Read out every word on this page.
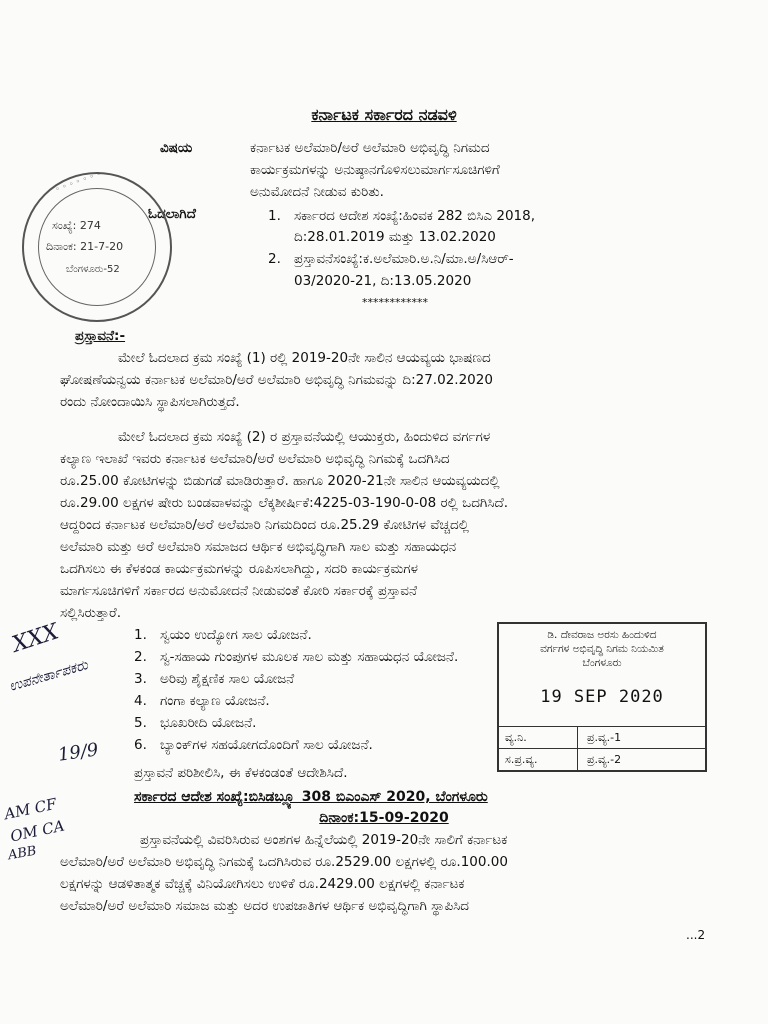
ಕರ್ನಾಟಕ ಸರ್ಕಾರದ ನಡವಳಿ
ವಿಷಯ	ಕರ್ನಾಟಕ ಅಲೆಮಾರಿ/ಅರೆ ಅಲೆಮಾರಿ ಅಭಿವೃದ್ಧಿ ನಿಗಮದ
ಕಾರ್ಯಕ್ರಮಗಳನ್ನು ಅನುಷ್ಠಾನಗೊಳಿಸಲುಮಾರ್ಗಸೂಚಿಗಳಿಗೆ
ಅನುಮೋದನೆ ನೀಡುವ ಕುರಿತು.
ಓದಲಾಗಿದೆ	1. ಸರ್ಕಾರದ ಆದೇಶ ಸಂಖ್ಯೆ:ಹಿಂವಕ 282 ಬಿಸಿಎ 2018,
ದಿ:28.01.2019 ಮತ್ತು 13.02.2020
2. ಪ್ರಸ್ತಾವನೆಸಂಖ್ಯೆ:ಕ.ಅಲೆಮಾರಿ.ಅ.ನಿ/ಮಾ.ಅ/ಸಿಆರ್-
03/2020-21, ದಿ:13.05.2020
************
◦ ◦ ◦ ◦ ◦ ◦ ◦
ಸಂಖ್ಯೆ: 274
ದಿನಾಂಕ: 21-7-20
ಬೆಂಗಳೂರು-52
ಪ್ರಸ್ತಾವನೆ:-
ಮೇಲೆ ಓದಲಾದ ಕ್ರಮ ಸಂಖ್ಯೆ (1) ರಲ್ಲಿ 2019-20ನೇ ಸಾಲಿನ ಆಯವ್ಯಯ ಭಾಷಣದ
ಘೋಷಣೆಯನ್ವಯ ಕರ್ನಾಟಕ ಅಲೆಮಾರಿ/ಅರೆ ಅಲೆಮಾರಿ ಅಭಿವೃದ್ಧಿ ನಿಗಮವನ್ನು ದಿ:27.02.2020
ರಂದು ನೋಂದಾಯಿಸಿ ಸ್ಥಾಪಿಸಲಾಗಿರುತ್ತದೆ.
ಮೇಲೆ ಓದಲಾದ ಕ್ರಮ ಸಂಖ್ಯೆ (2) ರ ಪ್ರಸ್ತಾವನೆಯಲ್ಲಿ ಆಯುಕ್ತರು, ಹಿಂದುಳಿದ ವರ್ಗಗಳ
ಕಲ್ಯಾಣ ಇಲಾಖೆ ಇವರು ಕರ್ನಾಟಕ ಅಲೆಮಾರಿ/ಅರೆ ಅಲೆಮಾರಿ ಅಭಿವೃದ್ಧಿ ನಿಗಮಕ್ಕೆ ಒದಗಿಸಿದ
ರೂ.25.00 ಕೋಟಿಗಳನ್ನು ಬಿಡುಗಡೆ ಮಾಡಿರುತ್ತಾರೆ. ಹಾಗೂ 2020-21ನೇ ಸಾಲಿನ ಆಯವ್ಯಯದಲ್ಲಿ
ರೂ.29.00 ಲಕ್ಷಗಳ ಷೇರು ಬಂಡವಾಳವನ್ನು ಲೆಕ್ಕಶೀರ್ಷಿಕೆ:4225-03-190-0-08 ರಲ್ಲಿ ಒದಗಿಸಿದೆ.
ಆದ್ದರಿಂದ ಕರ್ನಾಟಕ ಅಲೆಮಾರಿ/ಅರೆ ಅಲೆಮಾರಿ ನಿಗಮದಿಂದ ರೂ.25.29 ಕೋಟಿಗಳ ವೆಚ್ಚದಲ್ಲಿ
ಅಲೆಮಾರಿ ಮತ್ತು ಅರೆ ಅಲೆಮಾರಿ ಸಮಾಜದ ಆರ್ಥಿಕ ಅಭಿವೃದ್ಧಿಗಾಗಿ ಸಾಲ ಮತ್ತು ಸಹಾಯಧನ
ಒದಗಿಸಲು ಈ ಕೆಳಕಂಡ ಕಾರ್ಯಕ್ರಮಗಳನ್ನು ರೂಪಿಸಲಾಗಿದ್ದು, ಸದರಿ ಕಾರ್ಯಕ್ರಮಗಳ
ಮಾರ್ಗಸೂಚಿಗಳಿಗೆ ಸರ್ಕಾರದ ಅನುಮೋದನೆ ನೀಡುವಂತೆ ಕೋರಿ ಸರ್ಕಾರಕ್ಕೆ ಪ್ರಸ್ತಾವನೆ
ಸಲ್ಲಿಸಿರುತ್ತಾರೆ.
1. ಸ್ವಯಂ ಉದ್ಯೋಗ ಸಾಲ ಯೋಜನೆ.
2. ಸ್ವ-ಸಹಾಯ ಗುಂಪುಗಳ ಮೂಲಕ ಸಾಲ ಮತ್ತು ಸಹಾಯಧನ ಯೋಜನೆ.
3. ಅರಿವು ಶೈಕ್ಷಣಿಕ ಸಾಲ ಯೋಜನೆ
4. ಗಂಗಾ ಕಲ್ಯಾಣ ಯೋಜನೆ.
5. ಭೂಖರೀದಿ ಯೋಜನೆ.
6. ಬ್ಯಾಂಕ್‌ಗಳ ಸಹಯೋಗದೊಂದಿಗೆ ಸಾಲ ಯೋಜನೆ.
ಪ್ರಸ್ತಾವನೆ ಪರಿಶೀಲಿಸಿ, ಈ ಕೆಳಕಂಡಂತೆ ಆದೇಶಿಸಿದೆ.
ಡಿ. ದೇವರಾಜ ಅರಸು ಹಿಂದುಳಿದ
ವರ್ಗಗಳ ಅಭಿವೃದ್ಧಿ ನಿಗಮ ನಿಯಮಿತ
ಬೆಂಗಳೂರು
19 SEP 2020
ವ್ಯ.ನಿ.	ಪ್ರ.ವ್ಯ.-1
ಸ.ಪ್ರ.ವ್ಯ.	ಪ್ರ.ವ್ಯ.-2
XXX
ಉಪನೇರ್ತಾಪಕರು
19/9
AM CF
OM CA
ABB
ಸರ್ಕಾರದ ಆದೇಶ ಸಂಖ್ಯೆ:ಬಿಸಿಡಬ್ಲ್ಯೂ 308 ಬಿಎಂಎಸ್ 2020, ಬೆಂಗಳೂರು
ದಿನಾಂಕ:15-09-2020
ಪ್ರಸ್ತಾವನೆಯಲ್ಲಿ ವಿವರಿಸಿರುವ ಅಂಶಗಳ ಹಿನ್ನೆಲೆಯಲ್ಲಿ 2019-20ನೇ ಸಾಲಿಗೆ ಕರ್ನಾಟಕ
ಅಲೆಮಾರಿ/ಅರೆ ಅಲೆಮಾರಿ ಅಭಿವೃದ್ಧಿ ನಿಗಮಕ್ಕೆ ಒದಗಿಸಿರುವ ರೂ.2529.00 ಲಕ್ಷಗಳಲ್ಲಿ ರೂ.100.00
ಲಕ್ಷಗಳನ್ನು ಆಡಳಿತಾತ್ಮಕ ವೆಚ್ಚಕ್ಕೆ ವಿನಿಯೋಗಿಸಲು ಉಳಿಕೆ ರೂ.2429.00 ಲಕ್ಷಗಳಲ್ಲಿ ಕರ್ನಾಟಕ
ಅಲೆಮಾರಿ/ಅರೆ ಅಲೆಮಾರಿ ಸಮಾಜ ಮತ್ತು ಅದರ ಉಪಜಾತಿಗಳ ಆರ್ಥಿಕ ಅಭಿವೃದ್ಧಿಗಾಗಿ ಸ್ಥಾಪಿಸಿದ
...2
